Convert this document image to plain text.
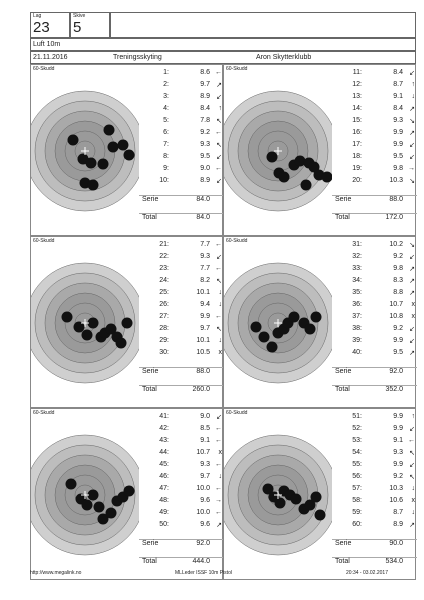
Lag
23
Skive
5
Luft 10m
21.11.2016	Treningsskyting	Aron Skytterklubb
60-Skudd	1:	8.6 ←
2:	9.7 ↗
3:	8.9 ↙
4:	8.4 ↑
5:	7.8 ↖
6:	9.2 ←
7:	9.3 ↖
8:	9.5 ↙
9:	9.0 ←
10:	8.9 ↙
Serie	84.0
Total	84.0
60-Skudd	11:	8.4 ↙
12:	8.7 ↑
13:	9.1 ↓
14:	8.4 ↗
15:	9.3 ↘
16:	9.9 ↗
17:	9.9 ↙
18:	9.5 ↙
19:	9.8 →
20:	10.3 ↘
Serie	88.0
Total	172.0
60-Skudd	21:	7.7 ←
22:	9.3 ↙
23:	7.7 ←
24:	8.2 ↖
25:	10.1 ↓
26:	9.4 ↓
27:	9.9 ←
28:	9.7 ↖
29:	10.1 ↓
30:	10.5 x
Serie	88.0
Total	260.0
60-Skudd	31:	10.2 ↘
32:	9.2 ↙
33:	9.8 ↗
34:	8.3 ↗
35:	8.8 ↗
36:	10.7 x
37:	10.8 x
38:	9.2 ↙
39:	9.9 ↙
40:	9.5 ↗
Serie	92.0
Total	352.0
60-Skudd	41:	9.0 ↙
42:	8.5 ←
43:	9.1 ←
44:	10.7 x
45:	9.3 ←
46:	9.7 ↓
47:	10.0 ←
48:	9.6 →
49:	10.0 ←
50:	9.6 ↗
Serie	92.0
Total	444.0
60-Skudd	51:	9.9 ↑
52:	9.9 ↙
53:	9.1 ←
54:	9.3 ↖
55:	9.9 ↙
56:	9.2 ↖
57:	10.3 ↓
58:	10.6 x
59:	8.7 ↓
60:	8.9 ↗
Serie	90.0
Total	534.0
http://www.megalink.no	MLLeder ISSF 10m Pistol	20:34 - 03.02.2017
